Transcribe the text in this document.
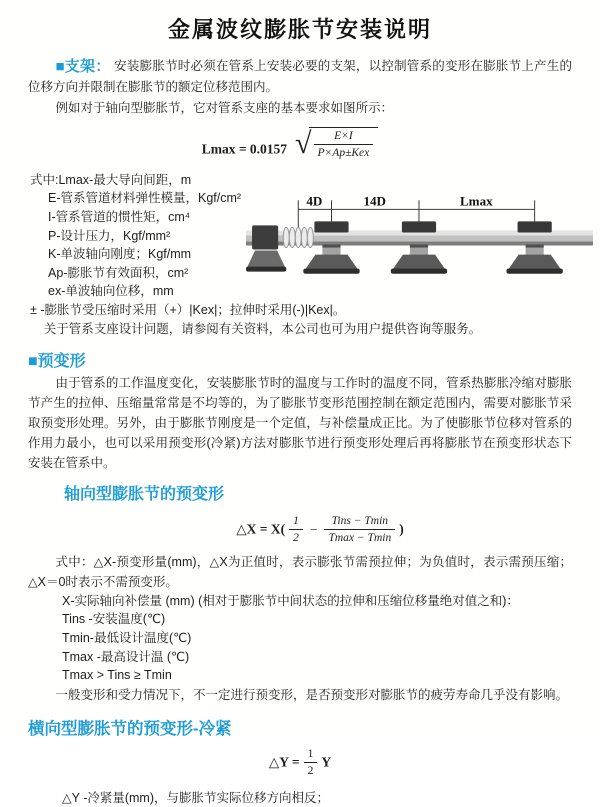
金属波纹膨胀节安装说明

■支架： 安装膨胀节时必须在管系上安装必要的支架，以控制管系的变形在膨胀节上产生的位移方向并限制在膨胀节的额定位移范围内。

例如对于轴向型膨胀节，它对管系支座的基本要求如图所示：

Lmax = 0.0157 √ $\frac{E\times I}{\text{P×Ap±Kex}}$
式中:Lmax-最大导向间距，m
E-管系管道材料弹性模量，Kgf/cm²
I-管系管道的惯性矩，cm⁴
P-设计压力，Kgf/mm²
K-单波轴向刚度；Kgf/mm
Ap-膨胀节有效面积，cm²
ex-单波轴向位移，mm
± -膨胀节受压缩时采用（+）|Kex|；拉伸时采用(-)|Kex|。
关于管系支座设计问题，请参阅有关资料，本公司也可为用户提供咨询等服务。
4D	14D	Lmax
■预变形

由于管系的工作温度变化，安装膨胀节时的温度与工作时的温度不同，管系热膨胀冷缩对膨胀节产生的拉伸、压缩量常常是不均等的，为了膨胀节变形范围控制在额定范围内，需要对膨胀节采取预变形处理。另外，由于膨胀节刚度是一个定值，与补偿量成正比。为了使膨胀节位移对管系的作用力最小，也可以采用预变形(冷紧)方法对膨胀节进行预变形处理后再将膨胀节在预变形状态下安装在管系中。

轴向型膨胀节的预变形
△X = $X( \frac{1}{2} - \frac{\text{Tins − Tmin}}{Tmax - Tmin}$ )

式中：△X-预变形量(mm)，△X为正值时，表示膨张节需预拉伸；为负值时，表示需预压缩；△X＝0时表示不需预变形。

X-实际轴向补偿量 (mm) (相对于膨胀节中间状态的拉伸和压缩位移量绝对值之和)：
Tins -安装温度(℃)
Tmin-最低设计温度(℃)
Tmax -最高设计温 (℃)
Tmax > Tins ≥ Tmin

一般变形和受力情况下，不一定进行预变形，是否预变形对膨胀节的疲劳寿命几乎没有影响。

横向型膨胀节的预变形-冷紧
△Y = $\frac{1}{2}$ Y
△Y -冷紧量(mm)，与膨胀节实际位移方向相反；
